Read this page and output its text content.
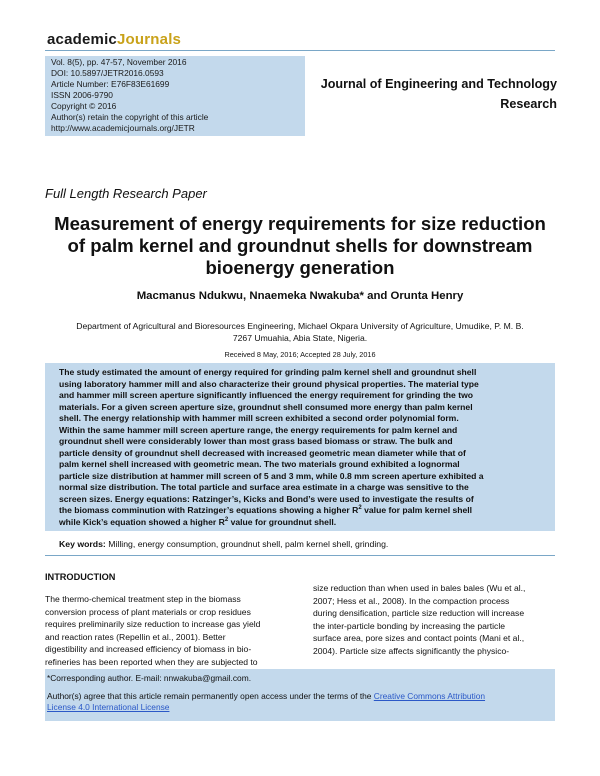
academicJournals
Vol. 8(5), pp. 47-57, November 2016
DOI: 10.5897/JETR2016.0593
Article Number: E76F83E61699
ISSN 2006-9790
Copyright © 2016
Author(s) retain the copyright of this article
http://www.academicjournals.org/JETR
Journal of Engineering and Technology
Research
Full Length Research Paper
Measurement of energy requirements for size reduction
of palm kernel and groundnut shells for downstream
bioenergy generation
Macmanus Ndukwu, Nnaemeka Nwakuba* and Orunta Henry
Department of Agricultural and Bioresources Engineering, Michael Okpara University of Agriculture, Umudike, P. M. B.
7267 Umuahia, Abia State, Nigeria.
Received 8 May, 2016; Accepted 28 July, 2016
The study estimated the amount of energy required for grinding palm kernel shell and groundnut shell
using laboratory hammer mill and also characterize their ground physical properties. The material type
and hammer mill screen aperture significantly influenced the energy requirement for grinding the two
materials. For a given screen aperture size, groundnut shell consumed more energy than palm kernel
shell. The energy relationship with hammer mill screen exhibited a second order polynomial form.
Within the same hammer mill screen aperture range, the energy requirements for palm kernel and
groundnut shell were considerably lower than most grass based biomass or straw. The bulk and
particle density of groundnut shell decreased with increased geometric mean diameter while that of
palm kernel shell increased with geometric mean. The two materials ground exhibited a lognormal
particle size distribution at hammer mill screen of 5 and 3 mm, while 0.8 mm screen aperture exhibited a
normal size distribution. The total particle and surface area estimate in a charge was sensitive to the
screen sizes. Energy equations: Ratzinger’s, Kicks and Bond’s were used to investigate the results of
the biomass comminution with Ratzinger’s equations showing a higher $R^2$ value for palm kernel shell
while Kick’s equation showed a higher $R^2$ value for groundnut shell.
Key words: Milling, energy consumption, groundnut shell, palm kernel shell, grinding.
INTRODUCTION
The thermo-chemical treatment step in the biomass
conversion process of plant materials or crop residues
requires preliminarily size reduction to increase gas yield
and reaction rates (Repellin et al., 2001). Better
digestibility and increased efficiency of biomass in bio-
refineries has been reported when they are subjected to
size reduction than when used in bales bales (Wu et al.,
2007; Hess et al., 2008). In the compaction process
during densification, particle size reduction will increase
the inter-particle bonding by increasing the particle
surface area, pore sizes and contact points (Mani et al.,
2004). Particle size affects significantly the physico-
*Corresponding author. E-mail: nnwakuba@gmail.com.
Author(s) agree that this article remain permanently open access under the terms of the Creative Commons Attribution
License 4.0 International License
